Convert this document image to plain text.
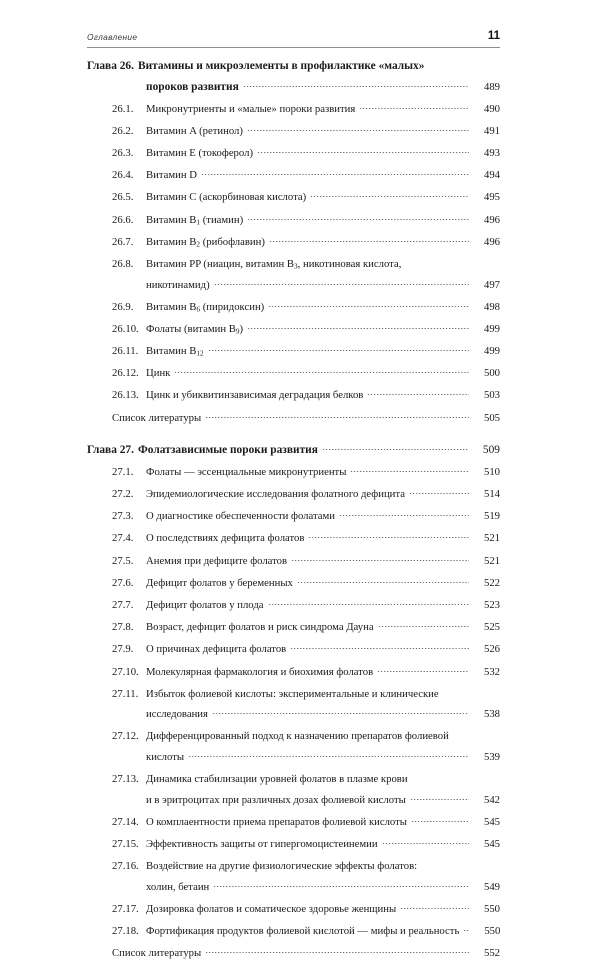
Оглавление	11
Глава 26. Витамины и микроэлементы в профилактике «малых»
пороков развития	489
26.1.	Микронутриенты и «малые» пороки развития	490
26.2.	Витамин A (ретинол)	491
26.3.	Витамин E (токоферол)	493
26.4.	Витамин D	494
26.5.	Витамин C (аскорбиновая кислота)	495
26.6.	Витамин $B_1$ (тиамин)	496
26.7.	Витамин $B_2$ (рибофлавин)	496
26.8.	Витамин PP (ниацин, витамин $B_3$, никотиновая кислота,
никотинамид)	497
26.9.	Витамин $B_6$ (пиридоксин)	498
26.10. Фолаты (витамин $B_9$)	499
26.11. Витамин $B_{12}$	499
26.12. Цинк	500
26.13. Цинк и убиквитинзависимая деградация белков	503
Список литературы	505
Глава 27. Фолатзависимые пороки развития	509
27.1.	Фолаты — эссенциальные микронутриенты	510
27.2.	Эпидемиологические исследования фолатного дефицита	514
27.3.	О диагностике обеспеченности фолатами	519
27.4.	О последствиях дефицита фолатов	521
27.5.	Анемия при дефиците фолатов	521
27.6.	Дефицит фолатов у беременных	522
27.7.	Дефицит фолатов у плода	523
27.8.	Возраст, дефицит фолатов и риск синдрома Дауна	525
27.9.	О причинах дефицита фолатов	526
27.10. Молекулярная фармакология и биохимия фолатов	532
27.11. Избыток фолиевой кислоты: экспериментальные и клинические
исследования	538
27.12. Дифференцированный подход к назначению препаратов фолиевой
кислоты	539
27.13. Динамика стабилизации уровней фолатов в плазме крови
и в эритроцитах при различных дозах фолиевой кислоты	542
27.14. О комплаентности приема препаратов фолиевой кислоты	545
27.15. Эффективность защиты от гипергомоцистеинемии	545
27.16. Воздействие на другие физиологические эффекты фолатов:
холин, бетаин	549
27.17. Дозировка фолатов и соматическое здоровье женщины	550
27.18. Фортификация продуктов фолиевой кислотой — мифы и реальность	550
Список литературы	552
